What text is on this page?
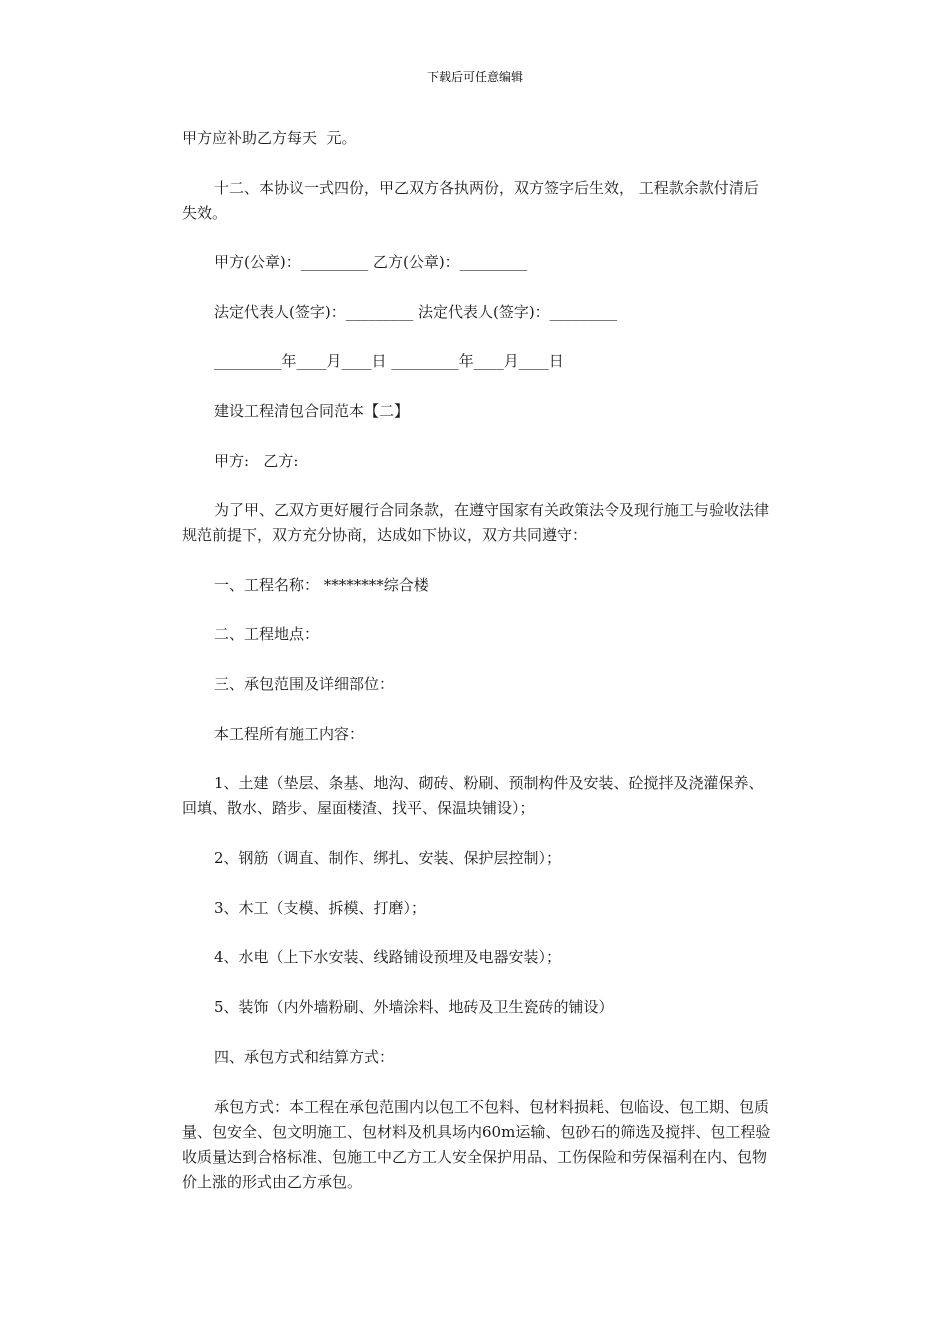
下载后可任意编辑

甲方应补助乙方每天  元。

十二、本协议一式四份，甲乙双方各执两份，双方签字后生效， 工程款余款付清后失效。

甲方(公章)：_________ 乙方(公章)：_________

法定代表人(签字)：_________ 法定代表人(签字)：_________

_________年____月____日 _________年____月____日

建设工程清包合同范本【二】

甲方:   乙方:

为了甲、乙双方更好履行合同条款，在遵守国家有关政策法令及现行施工与验收法律规范前提下，双方充分协商，达成如下协议，双方共同遵守：

一、工程名称： ********综合楼

二、工程地点：

三、承包范围及详细部位：

本工程所有施工内容：

1、土建（垫层、条基、地沟、砌砖、粉刷、预制构件及安装、砼搅拌及浇灌保养、回填、散水、踏步、屋面楼渣、找平、保温块铺设）；

2、钢筋（调直、制作、绑扎、安装、保护层控制）；

3、木工（支模、拆模、打磨）；

4、水电（上下水安装、线路铺设预埋及电器安装）；

5、装饰（内外墙粉刷、外墙涂料、地砖及卫生瓷砖的铺设）

四、承包方式和结算方式：

承包方式：本工程在承包范围内以包工不包料、包材料损耗、包临设、包工期、包质量、包安全、包文明施工、包材料及机具场内60m运输、包砂石的筛选及搅拌、包工程验收质量达到合格标准、包施工中乙方工人安全保护用品、工伤保险和劳保福利在内、包物价上涨的形式由乙方承包。
